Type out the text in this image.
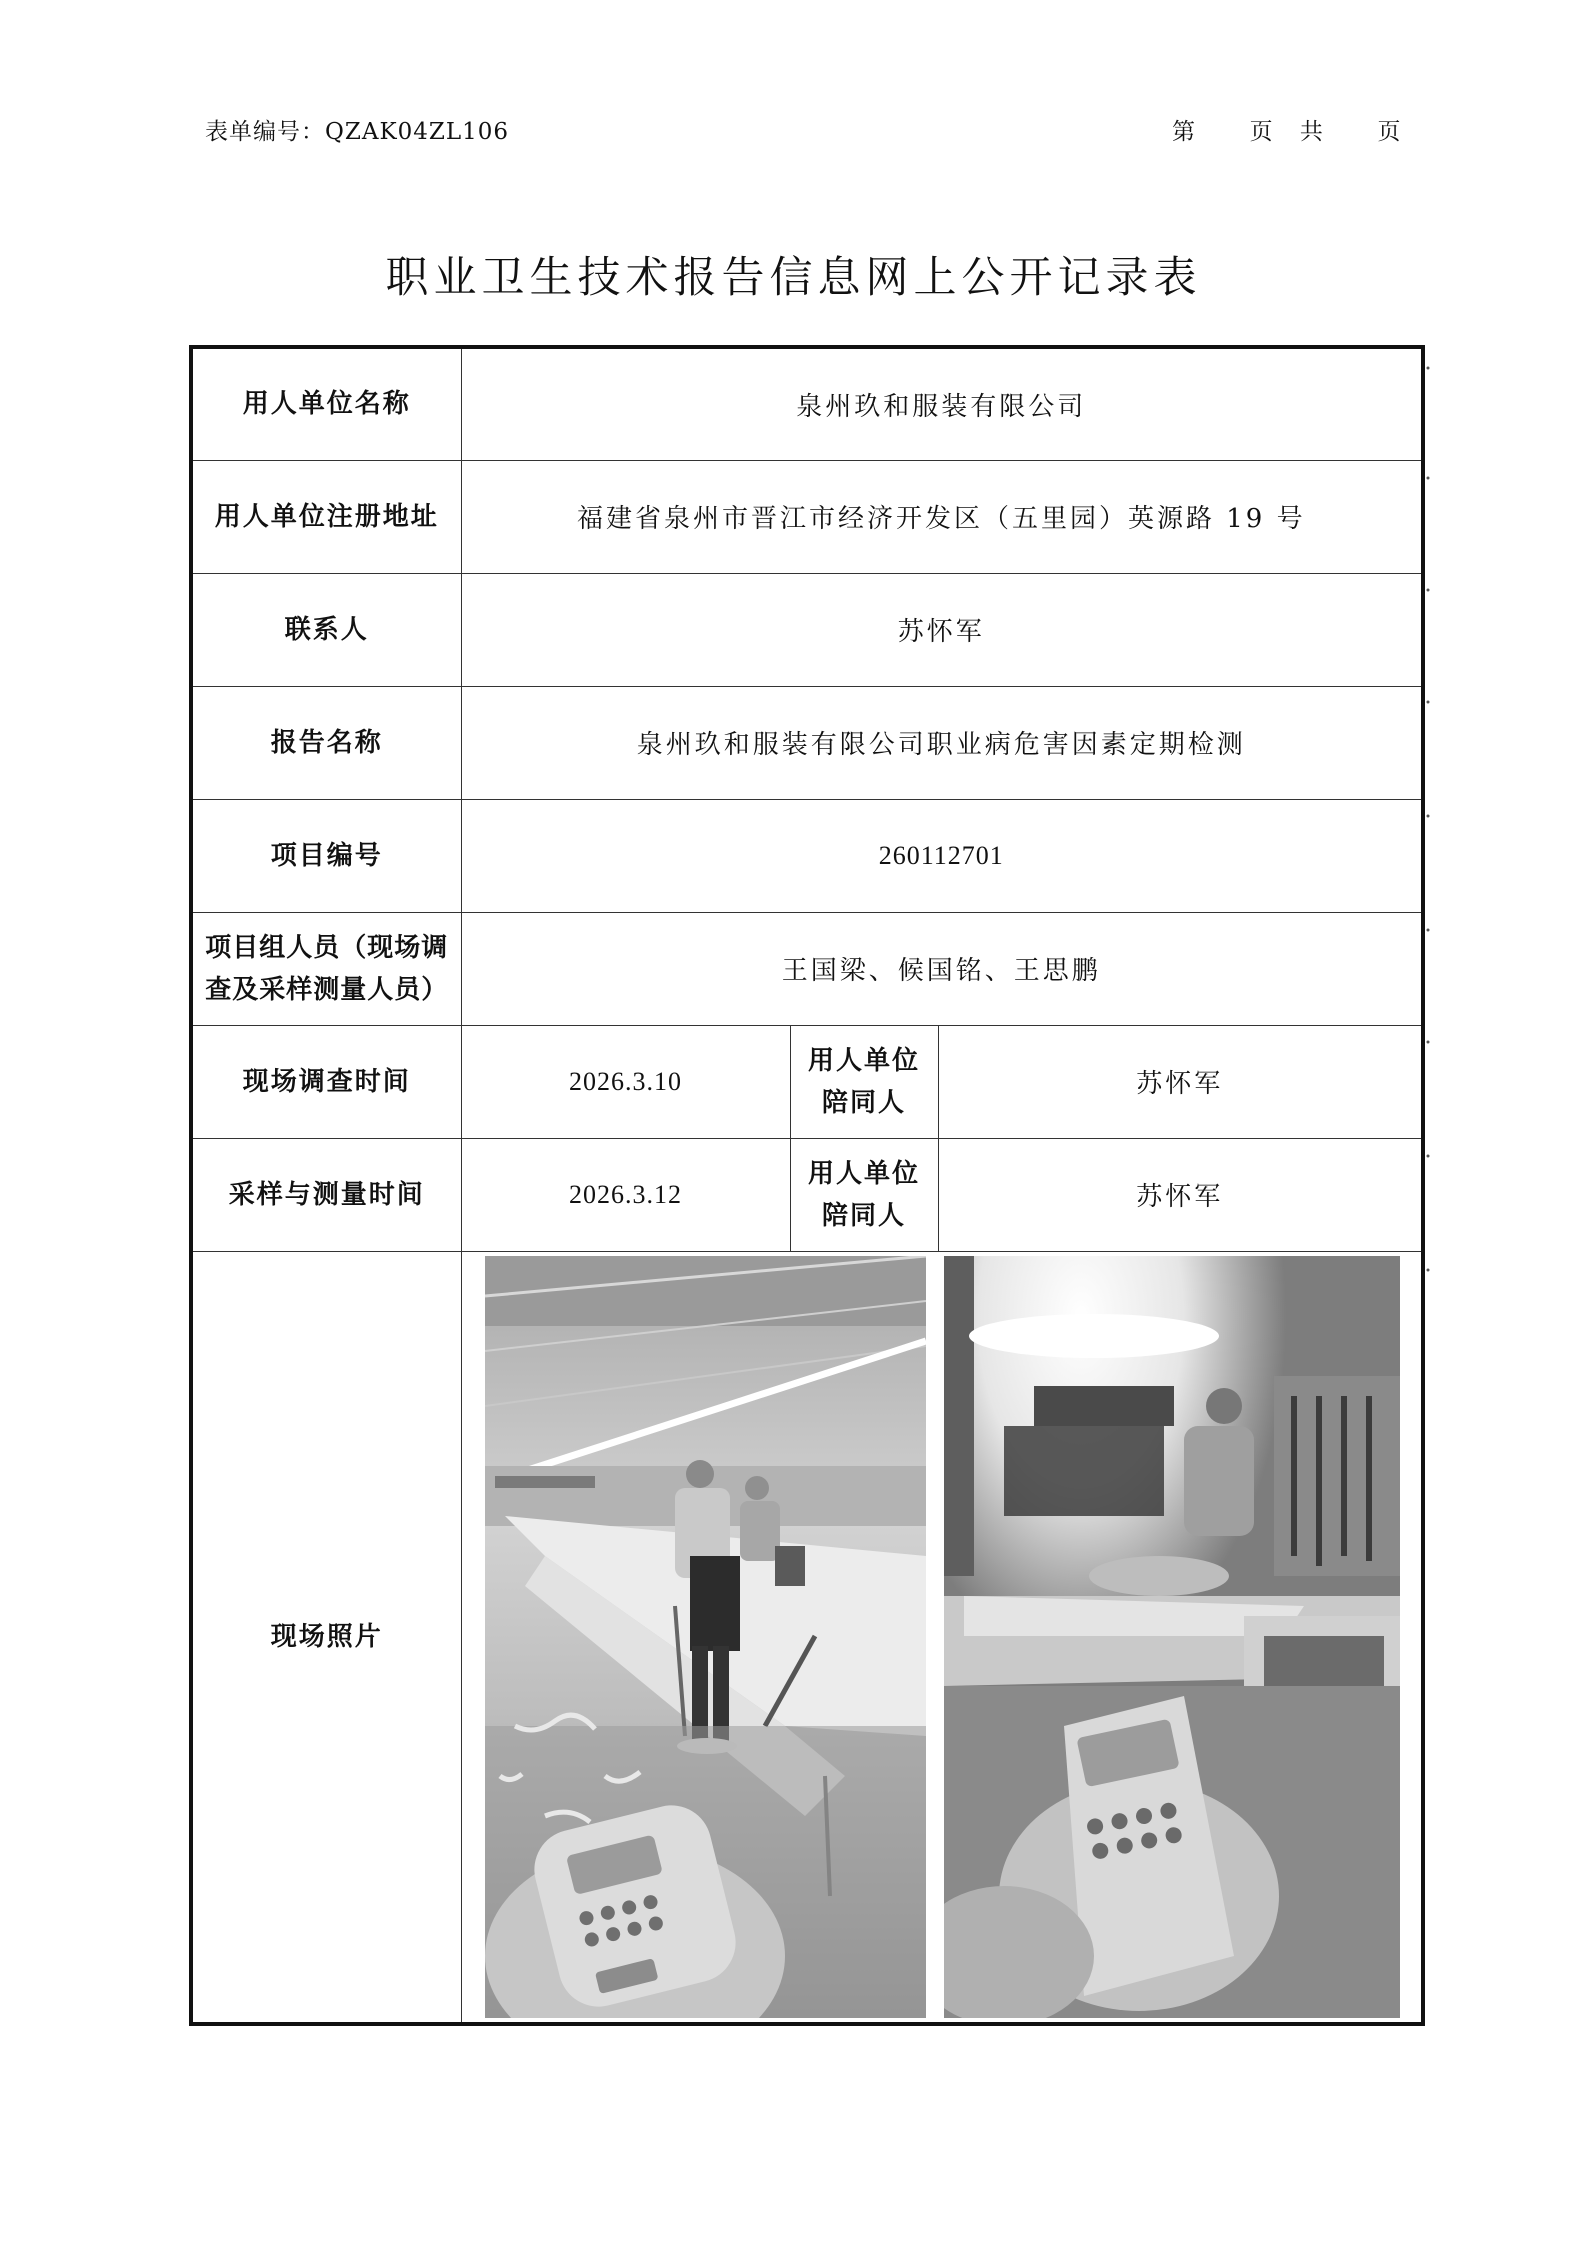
表单编号：QZAK04ZL106	第  页 共  页
职业卫生技术报告信息网上公开记录表
用人单位名称	泉州玖和服装有限公司		
用人单位注册地址	福建省泉州市晋江市经济开发区（五里园）英源路 19 号		
联系人	苏怀军		
报告名称	泉州玖和服装有限公司职业病危害因素定期检测		
项目编号	260112701		
项目组人员（现场调查及采样测量人员）	王国梁、候国铭、王思鹏		
现场调查时间	2026.3.10	用人单位陪同人	苏怀军
采样与测量时间	2026.3.12	用人单位陪同人	苏怀军
现场照片	
